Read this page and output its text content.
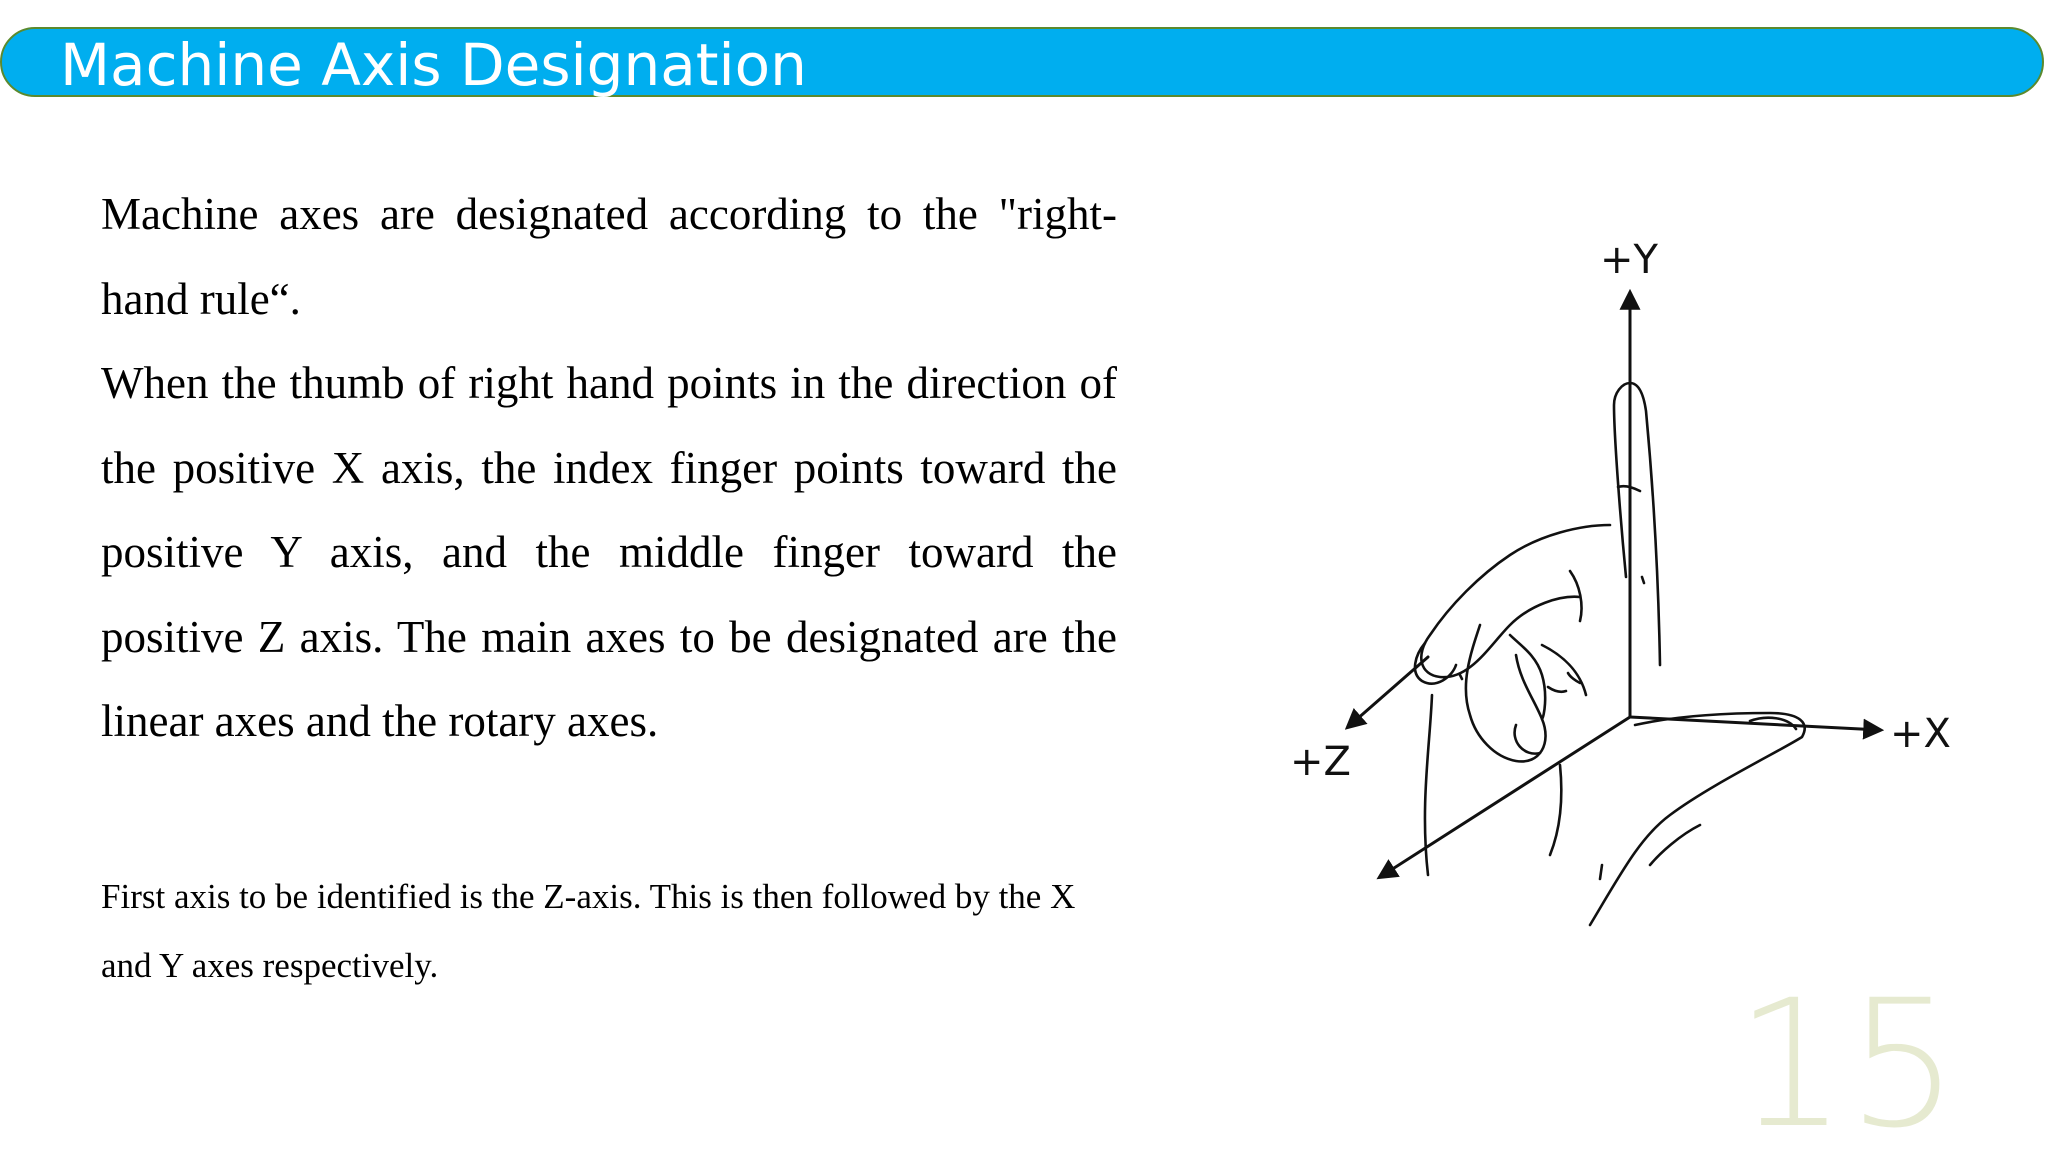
Machine Axis Designation

Machine axes are designated according to the "right-hand rule“.

When the thumb of right hand points in the direction of the positive X axis, the index finger points toward the positive Y axis, and the middle finger toward the positive Z axis. The main axes to be designated are the linear axes and the rotary axes.

First axis to be identified is the Z-axis. This is then followed by the X and Y axes respectively.
+Y
+X
+Z
15
